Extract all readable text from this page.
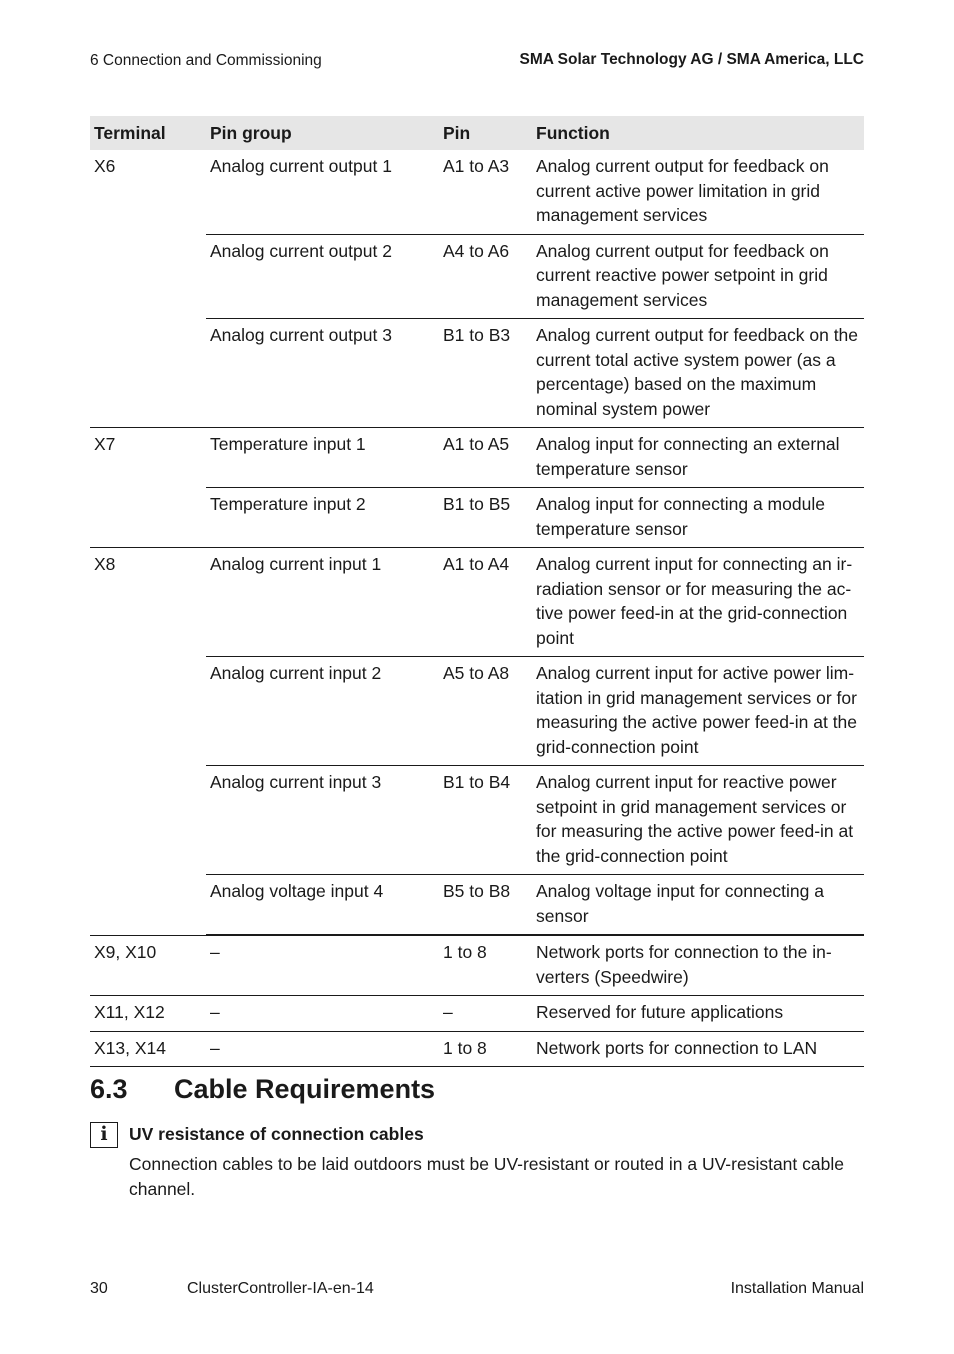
6 Connection and Commissioning	SMA Solar Technology AG / SMA America, LLC
Terminal	Pin group	Pin	Function
X6	Analog current output 1	A1 to A3	Analog current output for feedback on current active power limitation in grid management services
	Analog current output 2	A4 to A6	Analog current output for feedback on current reactive power setpoint in grid management services
	Analog current output 3	B1 to B3	Analog current output for feedback on the current total active system power (as a percentage) based on the maximum nominal system power
X7	Temperature input 1	A1 to A5	Analog input for connecting an external temperature sensor
	Temperature input 2	B1 to B5	Analog input for connecting a module temperature sensor
X8	Analog current input 1	A1 to A4	Analog current input for connecting an irradiation sensor or for measuring the active power feed-in at the grid-connection point
	Analog current input 2	A5 to A8	Analog current input for active power limitation in grid management services or for measuring the active power feed-in at the grid-connection point
	Analog current input 3	B1 to B4	Analog current input for reactive power setpoint in grid management services or for measuring the active power feed-in at the grid-connection point
	Analog voltage input 4	B5 to B8	Analog voltage input for connecting a sensor
X9, X10	–	1 to 8	Network ports for connection to the inverters (Speedwire)
X11, X12	–	–	Reserved for future applications
X13, X14	–	1 to 8	Network ports for connection to LAN
6.3 Cable Requirements
i	UV resistance of connection cables
Connection cables to be laid outdoors must be UV-resistant or routed in a UV-resistant cable channel.
30	ClusterController-IA-en-14	Installation Manual
